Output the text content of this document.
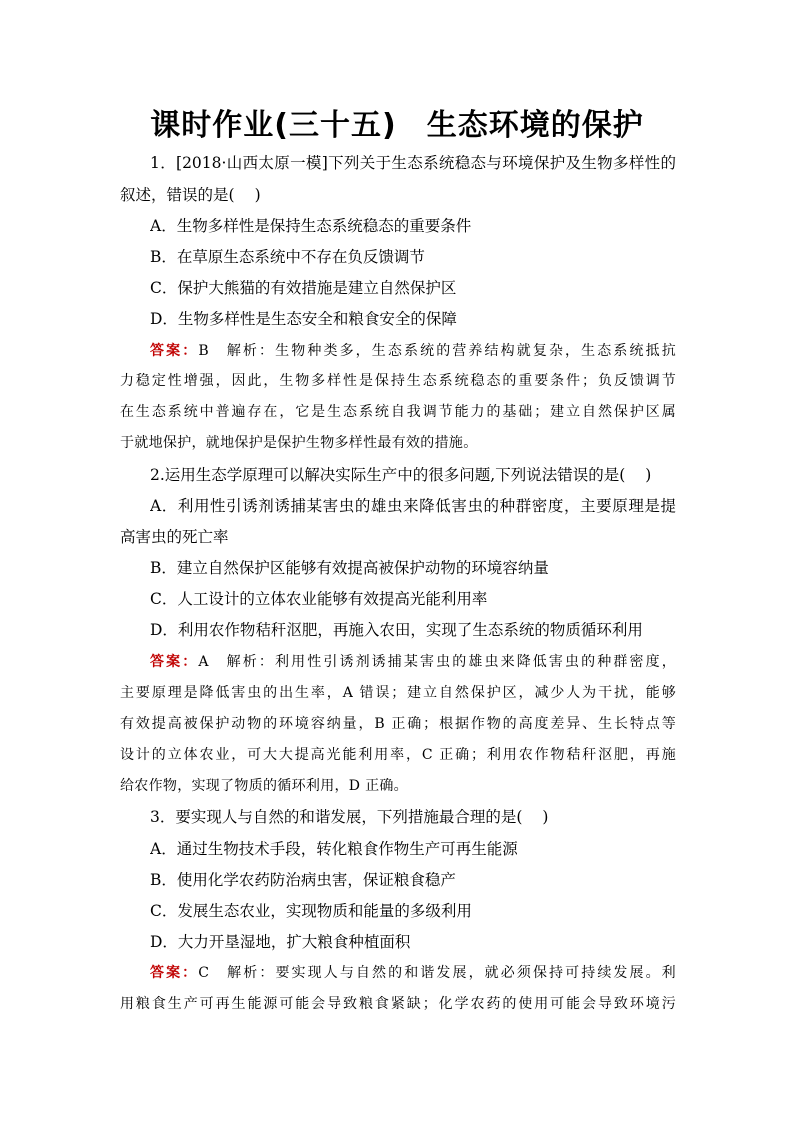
课时作业(三十五) 生态环境的保护
1．[2018·山西太原一模]下列关于生态系统稳态与环境保护及生物多样性的
叙述，错误的是( )
A．生物多样性是保持生态系统稳态的重要条件
B．在草原生态系统中不存在负反馈调节
C．保护大熊猫的有效措施是建立自然保护区
D．生物多样性是生态安全和粮食安全的保障
答案：B　解析：生物种类多，生态系统的营养结构就复杂，生态系统抵抗
力稳定性增强，因此，生物多样性是保持生态系统稳态的重要条件；负反馈调节
在生态系统中普遍存在，它是生态系统自我调节能力的基础；建立自然保护区属
于就地保护，就地保护是保护生物多样性最有效的措施。
2.运用生态学原理可以解决实际生产中的很多问题,下列说法错误的是( )
A．利用性引诱剂诱捕某害虫的雄虫来降低害虫的种群密度，主要原理是提
高害虫的死亡率
B．建立自然保护区能够有效提高被保护动物的环境容纳量
C．人工设计的立体农业能够有效提高光能利用率
D．利用农作物秸秆沤肥，再施入农田，实现了生态系统的物质循环利用
答案：A　解析：利用性引诱剂诱捕某害虫的雄虫来降低害虫的种群密度，
主要原理是降低害虫的出生率，A 错误；建立自然保护区，减少人为干扰，能够
有效提高被保护动物的环境容纳量，B 正确；根据作物的高度差异、生长特点等
设计的立体农业，可大大提高光能利用率，C 正确；利用农作物秸秆沤肥，再施
给农作物，实现了物质的循环利用，D 正确。
3．要实现人与自然的和谐发展，下列措施最合理的是( )
A．通过生物技术手段，转化粮食作物生产可再生能源
B．使用化学农药防治病虫害，保证粮食稳产
C．发展生态农业，实现物质和能量的多级利用
D．大力开垦湿地，扩大粮食种植面积
答案：C　解析：要实现人与自然的和谐发展，就必须保持可持续发展。利
用粮食生产可再生能源可能会导致粮食紧缺；化学农药的使用可能会导致环境污
